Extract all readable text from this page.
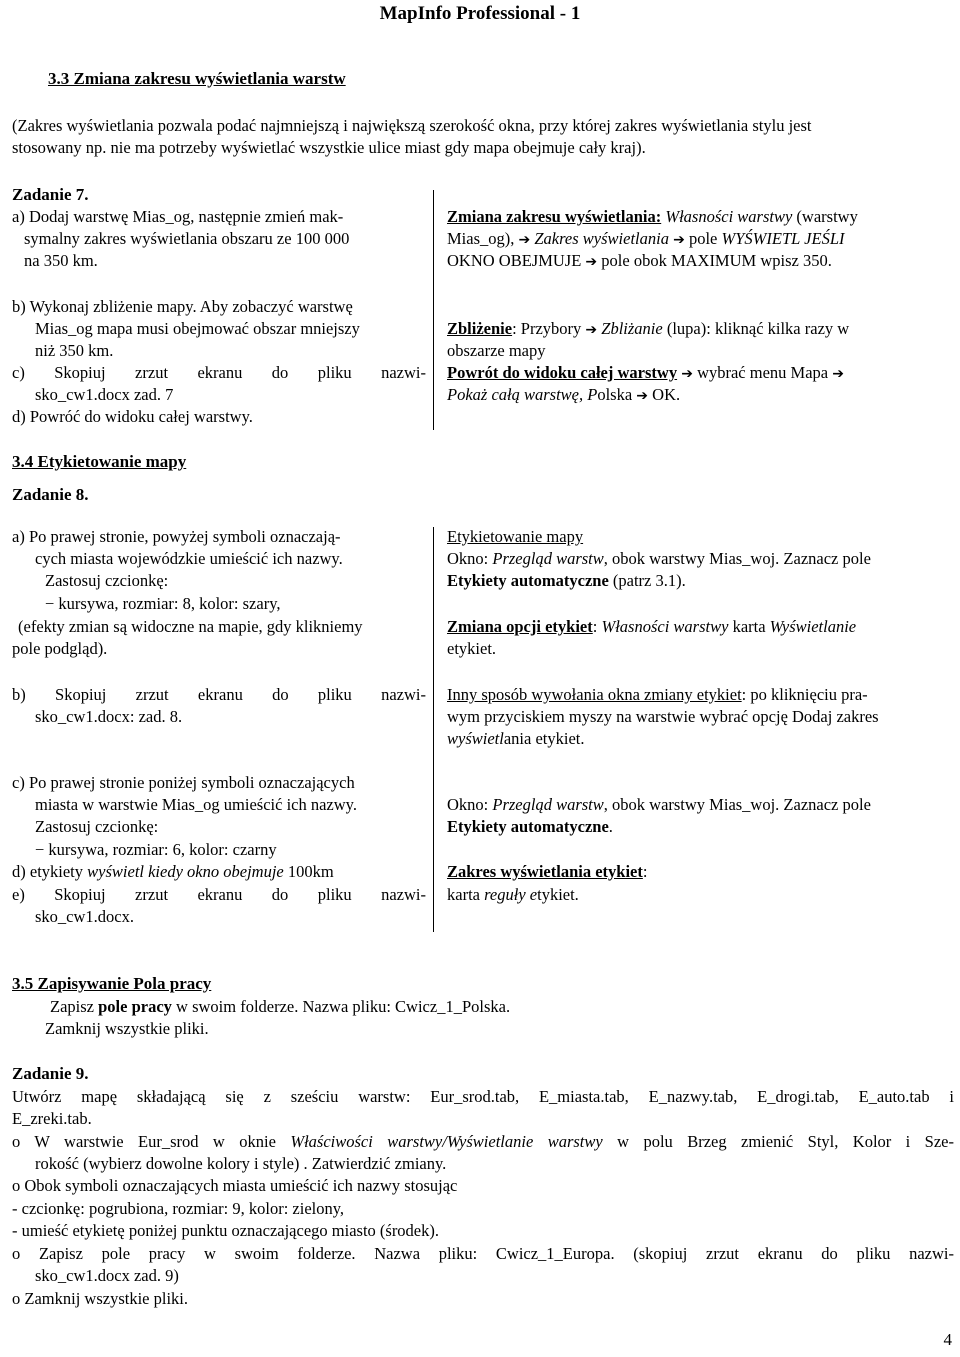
MapInfo Professional - 1
3.3 Zmiana zakresu wyświetlania warstw
(Zakres wyświetlania pozwala podać najmniejszą i największą szerokość okna, przy której zakres wyświetlania stylu jest
stosowany np. nie ma potrzeby wyświetlać wszystkie ulice miast gdy mapa obejmuje cały kraj).
Zadanie 7.
a) Dodaj warstwę Mias_og, następnie zmień mak-
symalny zakres wyświetlania obszaru ze 100 000
na 350 km.
b) Wykonaj zbliżenie mapy. Aby zobaczyć warstwę
Mias_og mapa musi obejmować obszar mniejszy
niż 350 km.
c) Skopiuj zrzut ekranu do pliku nazwi-
sko_cw1.docx zad. 7
d) Powróć do widoku całej warstwy.
Zmiana zakresu wyświetlania: Własności warstwy (warstwy
Mias_og), ➔ Zakres wyświetlania ➔ pole WYŚWIETL JEŚLI
OKNO OBEJMUJE ➔ pole obok MAXIMUM wpisz 350.
Zbliżenie: Przybory ➔ Zbliżanie (lupa): kliknąć kilka razy w
obszarze mapy
Powrót do widoku całej warstwy ➔ wybrać menu Mapa ➔
Pokaż całą warstwę, Polska ➔ OK.
3.4 Etykietowanie mapy
Zadanie 8.
a) Po prawej stronie, powyżej symboli oznaczają-
cych miasta wojewódzkie umieścić ich nazwy.
Zastosuj czcionkę:
− kursywa, rozmiar: 8, kolor: szary,
(efekty zmian są widoczne na mapie, gdy klikniemy
pole podgląd).
b) Skopiuj zrzut ekranu do pliku nazwi-
sko_cw1.docx: zad. 8.
c) Po prawej stronie poniżej symboli oznaczających
miasta w warstwie Mias_og umieścić ich nazwy.
Zastosuj czcionkę:
− kursywa, rozmiar: 6, kolor: czarny
d) etykiety wyświetl kiedy okno obejmuje 100km
e) Skopiuj zrzut ekranu do pliku nazwi-
sko_cw1.docx.
Etykietowanie mapy
Okno: Przegląd warstw, obok warstwy Mias_woj. Zaznacz pole
Etykiety automatyczne (patrz 3.1).
Zmiana opcji etykiet: Własności warstwy karta Wyświetlanie
etykiet.
Inny sposób wywołania okna zmiany etykiet: po kliknięciu pra-
wym przyciskiem myszy na warstwie wybrać opcję Dodaj zakres
wyświetlania etykiet.
Okno: Przegląd warstw, obok warstwy Mias_woj. Zaznacz pole
Etykiety automatyczne.
Zakres wyświetlania etykiet:
karta reguły etykiet.
3.5 Zapisywanie Pola pracy
Zapisz pole pracy w swoim folderze. Nazwa pliku: Cwicz_1_Polska.
Zamknij wszystkie pliki.
Zadanie 9.
Utwórz mapę składającą się z sześciu warstw: Eur_srod.tab, E_miasta.tab, E_nazwy.tab, E_drogi.tab, E_auto.tab i
E_zreki.tab.
o W warstwie Eur_srod w oknie Właściwości warstwy/Wyświetlanie warstwy w polu Brzeg zmienić Styl, Kolor i Sze-
rokość (wybierz dowolne kolory i style) . Zatwierdzić zmiany.
o Obok symboli oznaczających miasta umieścić ich nazwy stosując
- czcionkę: pogrubiona, rozmiar: 9, kolor: zielony,
- umieść etykietę poniżej punktu oznaczającego miasto (środek).
o Zapisz pole pracy w swoim folderze. Nazwa pliku: Cwicz_1_Europa. (skopiuj zrzut ekranu do pliku nazwi-
sko_cw1.docx zad. 9)
o Zamknij wszystkie pliki.
4
